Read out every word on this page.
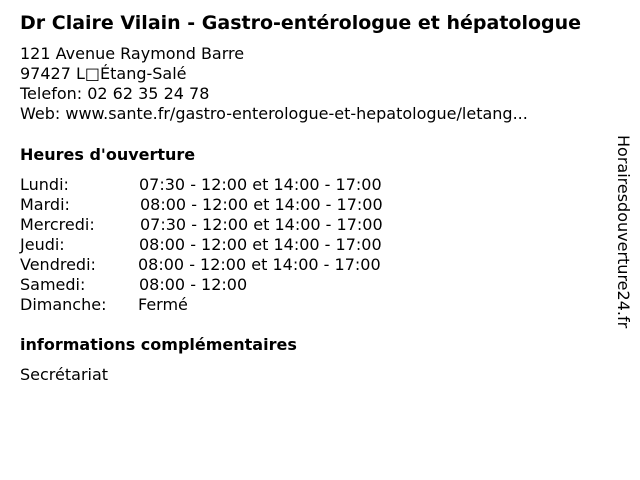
Dr Claire Vilain - Gastro-entérologue et hépatologue
121 Avenue Raymond Barre
97427 L□Étang-Salé
Telefon: 02 62 35 24 78
Web: www.sante.fr/gastro-enterologue-et-hepatologue/letang...
Heures d'ouverture
Lundi:	07:30 - 12:00 et 14:00 - 17:00
Mardi:	08:00 - 12:00 et 14:00 - 17:00
Mercredi:	07:30 - 12:00 et 14:00 - 17:00
Jeudi:	08:00 - 12:00 et 14:00 - 17:00
Vendredi:	08:00 - 12:00 et 14:00 - 17:00
Samedi:	08:00 - 12:00
Dimanche: Fermé
informations complémentaires
Secrétariat
Horairesdouverture24.fr
